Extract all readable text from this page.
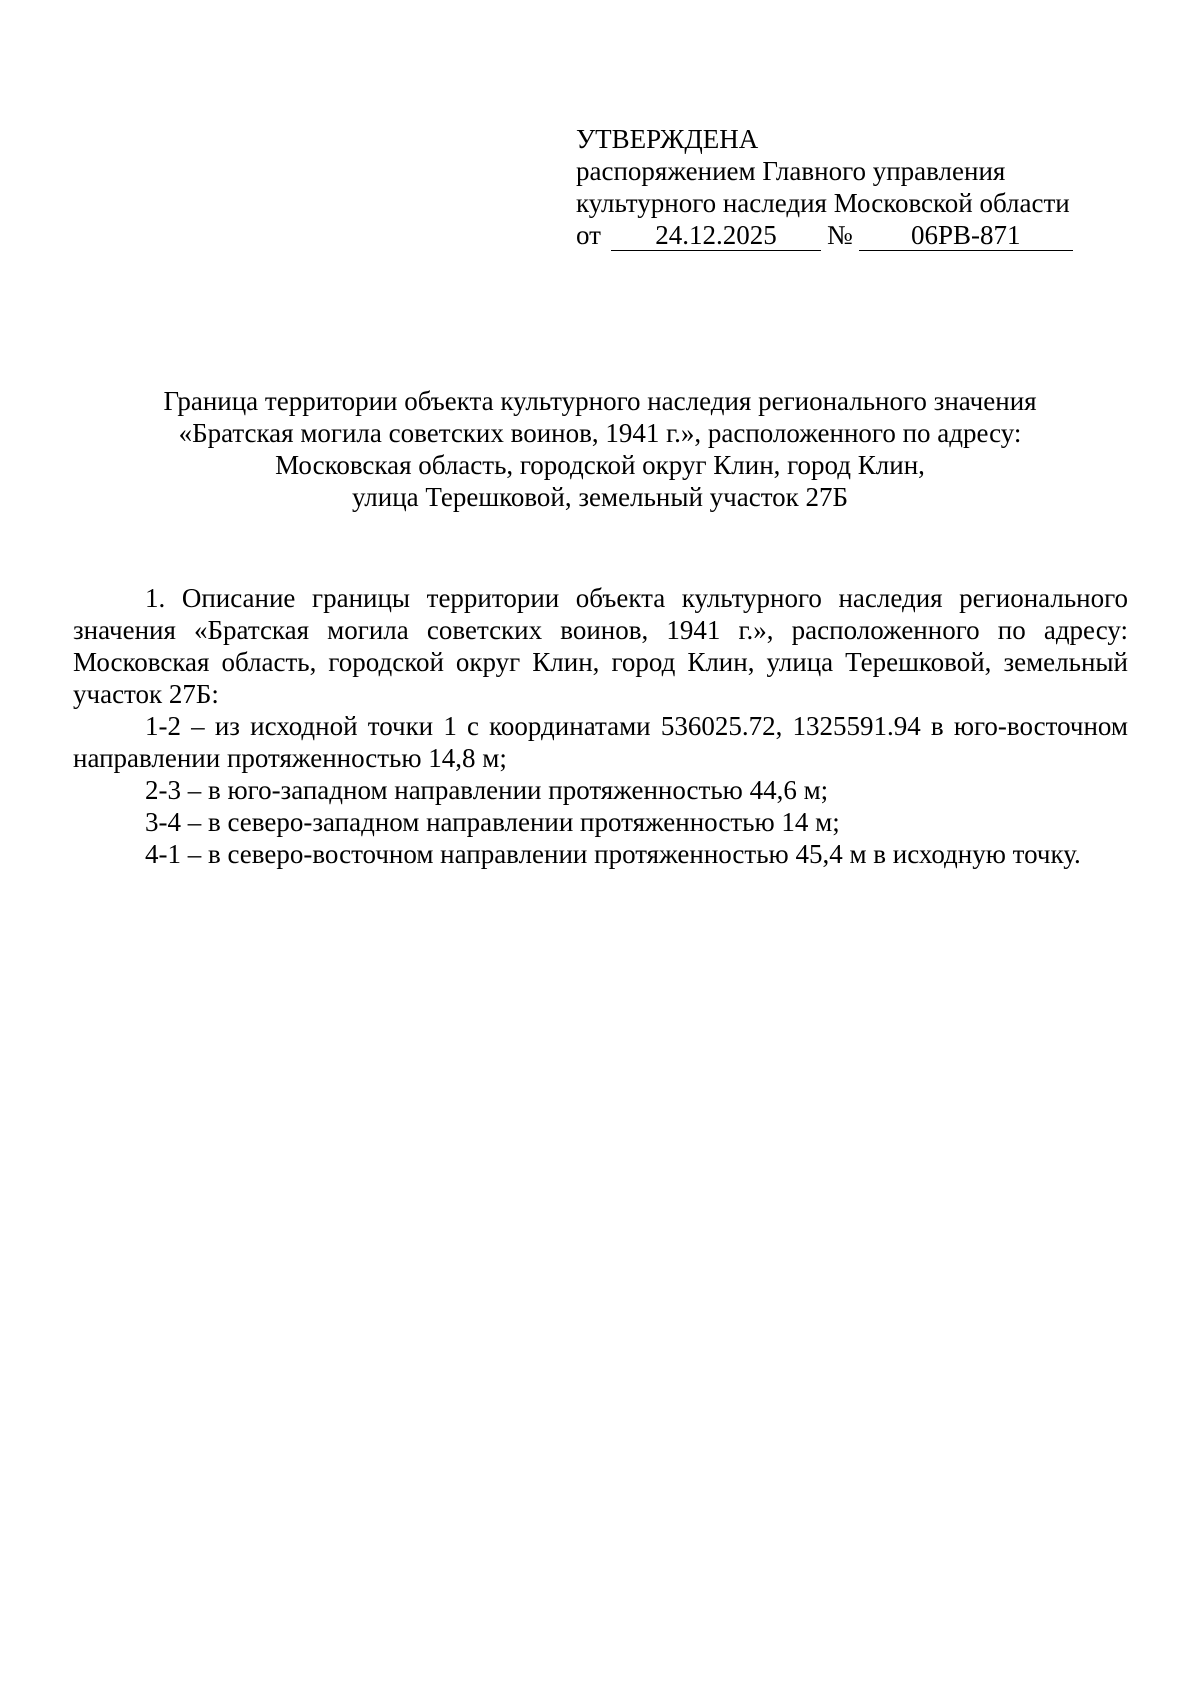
УТВЕРЖДЕНА
распоряжением Главного управления
культурного наследия Московской области
от	24.12.2025	№	06РВ-871
Граница территории объекта культурного наследия регионального значения
«Братская могила советских воинов, 1941 г.», расположенного по адресу:
Московская область, городской округ Клин, город Клин,
улица Терешковой, земельный участок 27Б

1. Описание границы территории объекта культурного наследия регионального значения «Братская могила советских воинов, 1941 г.», расположенного по адресу: Московская область, городской округ Клин, город Клин, улица Терешковой, земельный участок 27Б:

1-2 – из исходной точки 1 с координатами 536025.72, 1325591.94 в юго-восточном направлении протяженностью 14,8 м;

2-3 – в юго-западном направлении протяженностью 44,6 м;

3-4 – в северо-западном направлении протяженностью 14 м;

4-1 – в северо-восточном направлении протяженностью 45,4 м в исходную точку.
